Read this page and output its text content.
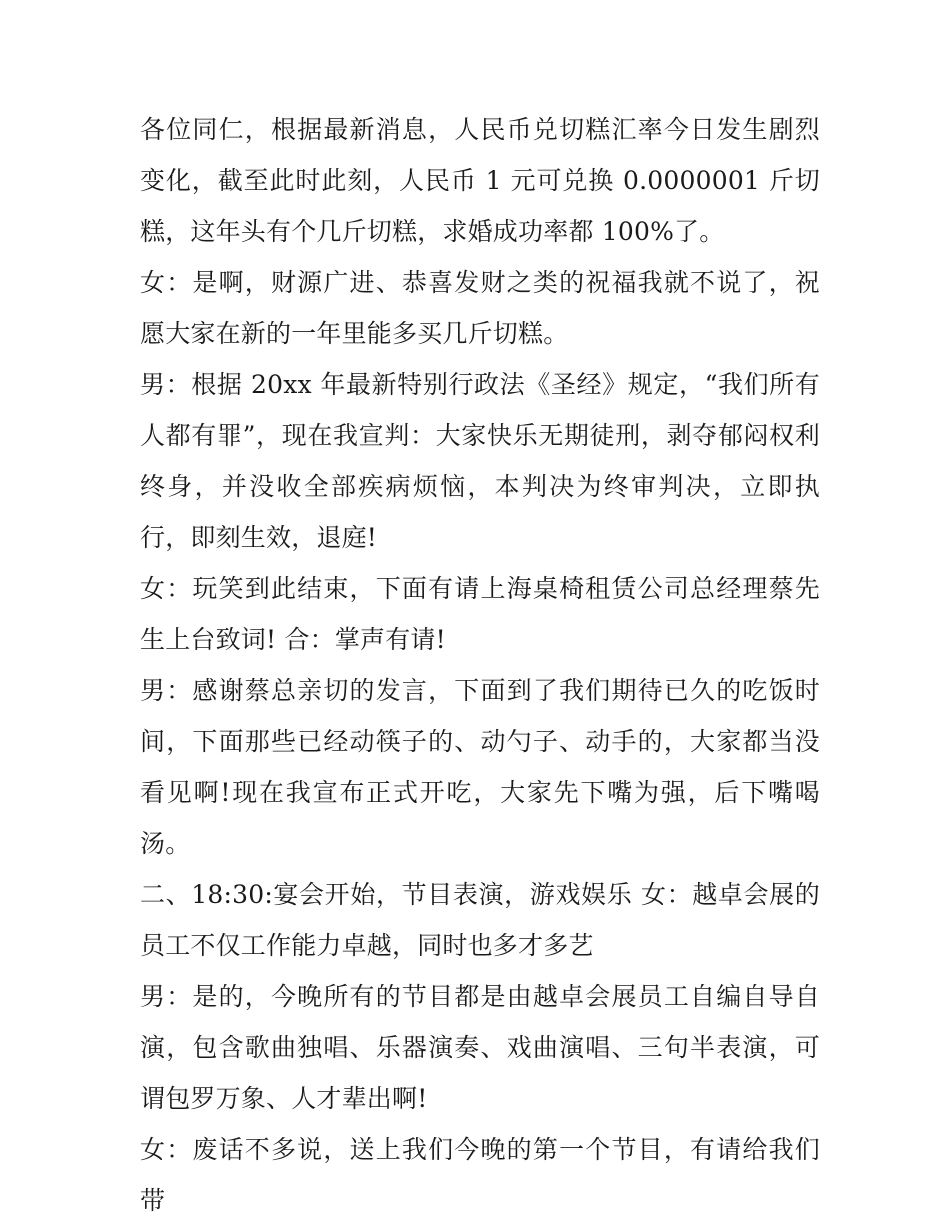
各位同仁，根据最新消息，人民币兑切糕汇率今日发生剧烈变化，截至此时此刻，人民币 1 元可兑换 0.0000001 斤切糕，这年头有个几斤切糕，求婚成功率都 100%了。

女：是啊，财源广进、恭喜发财之类的祝福我就不说了，祝愿大家在新的一年里能多买几斤切糕。

男：根据 20xx 年最新特别行政法《圣经》规定，“我们所有人都有罪”，现在我宣判：大家快乐无期徒刑，剥夺郁闷权利终身，并没收全部疾病烦恼，本判决为终审判决，立即执行，即刻生效，退庭!

女：玩笑到此结束，下面有请上海桌椅租赁公司总经理蔡先生上台致词! 合：掌声有请!

男：感谢蔡总亲切的发言，下面到了我们期待已久的吃饭时间，下面那些已经动筷子的、动勺子、动手的，大家都当没看见啊!现在我宣布正式开吃，大家先下嘴为强，后下嘴喝汤。

二、18:30:宴会开始，节目表演，游戏娱乐 女：越卓会展的员工不仅工作能力卓越，同时也多才多艺

男：是的，今晚所有的节目都是由越卓会展员工自编自导自演，包含歌曲独唱、乐器演奏、戏曲演唱、三句半表演，可谓包罗万象、人才辈出啊!

女：废话不多说，送上我们今晚的第一个节目，有请给我们带
